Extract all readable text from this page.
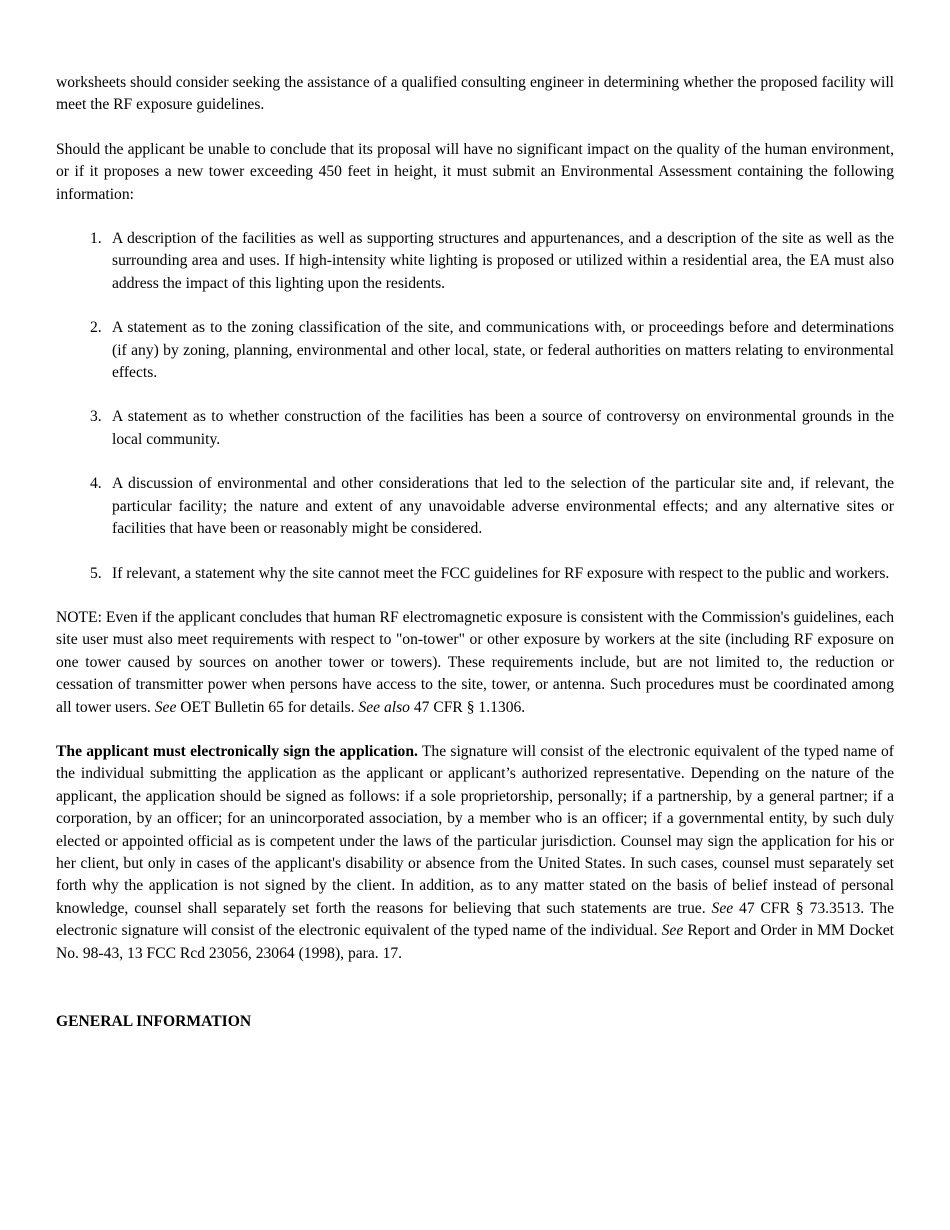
worksheets should consider seeking the assistance of a qualified consulting engineer in determining whether the proposed facility will meet the RF exposure guidelines.

Should the applicant be unable to conclude that its proposal will have no significant impact on the quality of the human environment, or if it proposes a new tower exceeding 450 feet in height, it must submit an Environmental Assessment containing the following information:

1. A description of the facilities as well as supporting structures and appurtenances, and a description of the site as well as the surrounding area and uses. If high-intensity white lighting is proposed or utilized within a residential area, the EA must also address the impact of this lighting upon the residents.
2. A statement as to the zoning classification of the site, and communications with, or proceedings before and determinations (if any) by zoning, planning, environmental and other local, state, or federal authorities on matters relating to environmental effects.
3. A statement as to whether construction of the facilities has been a source of controversy on environmental grounds in the local community.
4. A discussion of environmental and other considerations that led to the selection of the particular site and, if relevant, the particular facility; the nature and extent of any unavoidable adverse environmental effects; and any alternative sites or facilities that have been or reasonably might be considered.
5. If relevant, a statement why the site cannot meet the FCC guidelines for RF exposure with respect to the public and workers.

NOTE: Even if the applicant concludes that human RF electromagnetic exposure is consistent with the Commission's guidelines, each site user must also meet requirements with respect to "on-tower" or other exposure by workers at the site (including RF exposure on one tower caused by sources on another tower or towers). These requirements include, but are not limited to, the reduction or cessation of transmitter power when persons have access to the site, tower, or antenna. Such procedures must be coordinated among all tower users. See OET Bulletin 65 for details. See also 47 CFR § 1.1306.

The applicant must electronically sign the application. The signature will consist of the electronic equivalent of the typed name of the individual submitting the application as the applicant or applicant’s authorized representative. Depending on the nature of the applicant, the application should be signed as follows: if a sole proprietorship, personally; if a partnership, by a general partner; if a corporation, by an officer; for an unincorporated association, by a member who is an officer; if a governmental entity, by such duly elected or appointed official as is competent under the laws of the particular jurisdiction. Counsel may sign the application for his or her client, but only in cases of the applicant's disability or absence from the United States. In such cases, counsel must separately set forth why the application is not signed by the client. In addition, as to any matter stated on the basis of belief instead of personal knowledge, counsel shall separately set forth the reasons for believing that such statements are true. See 47 CFR § 73.3513. The electronic signature will consist of the electronic equivalent of the typed name of the individual. See Report and Order in MM Docket No. 98-43, 13 FCC Rcd 23056, 23064 (1998), para. 17.

GENERAL INFORMATION
